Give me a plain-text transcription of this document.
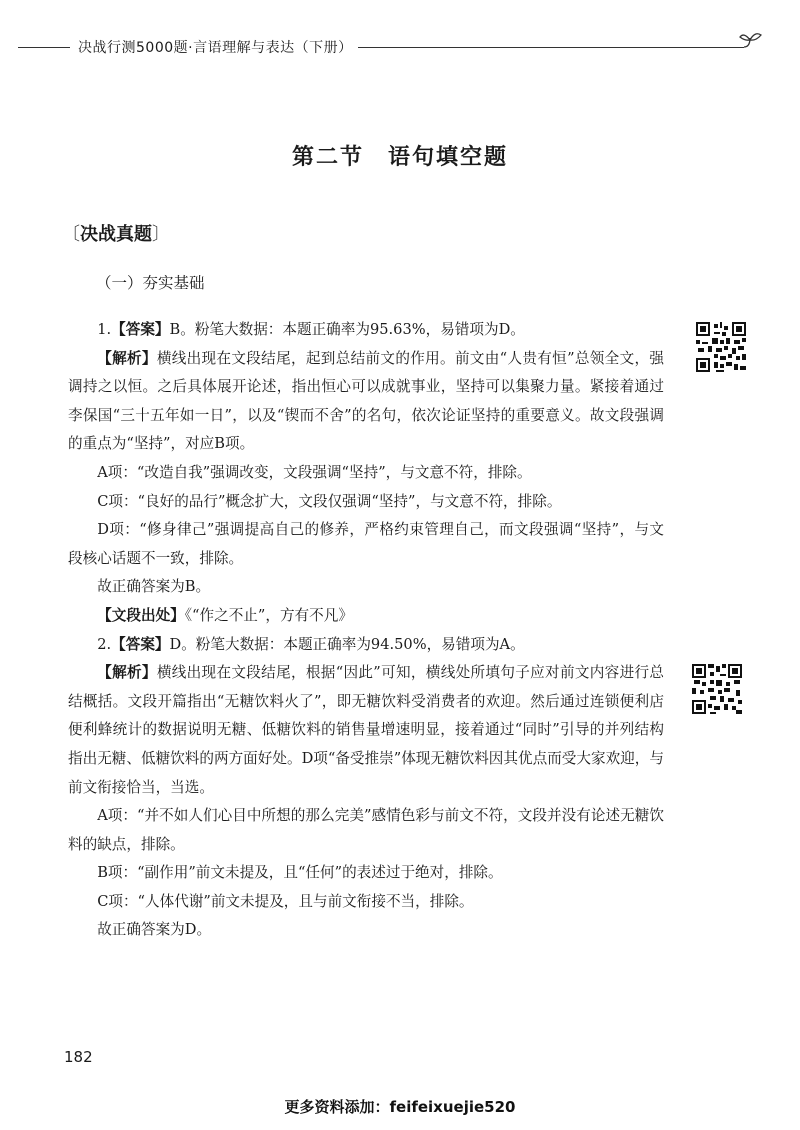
决战行测5000题·言语理解与表达（下册）
第二节 语句填空题
〔决战真题〕
（一）夯实基础

1.【答案】B。粉笔大数据：本题正确率为95.63%，易错项为D。

【解析】横线出现在文段结尾，起到总结前文的作用。前文由“人贵有恒”总领全文，强调持之以恒。之后具体展开论述，指出恒心可以成就事业，坚持可以集聚力量。紧接着通过李保国“三十五年如一日”，以及“锲而不舍”的名句，依次论证坚持的重要意义。故文段强调的重点为“坚持”，对应B项。

A项：“改造自我”强调改变，文段强调“坚持”，与文意不符，排除。

C项：“良好的品行”概念扩大，文段仅强调“坚持”，与文意不符，排除。

D项：“修身律己”强调提高自己的修养，严格约束管理自己，而文段强调“坚持”，与文段核心话题不一致，排除。

故正确答案为B。

【文段出处】《“作之不止”，方有不凡》

2.【答案】D。粉笔大数据：本题正确率为94.50%，易错项为A。

【解析】横线出现在文段结尾，根据“因此”可知，横线处所填句子应对前文内容进行总结概括。文段开篇指出“无糖饮料火了”，即无糖饮料受消费者的欢迎。然后通过连锁便利店便利蜂统计的数据说明无糖、低糖饮料的销售量增速明显，接着通过“同时”引导的并列结构指出无糖、低糖饮料的两方面好处。D项“备受推崇”体现无糖饮料因其优点而受大家欢迎，与前文衔接恰当，当选。

A项：“并不如人们心目中所想的那么完美”感情色彩与前文不符，文段并没有论述无糖饮料的缺点，排除。

B项：“副作用”前文未提及，且“任何”的表述过于绝对，排除。

C项：“人体代谢”前文未提及，且与前文衔接不当，排除。

故正确答案为D。

182
更多资料添加：feifeixuejie520
